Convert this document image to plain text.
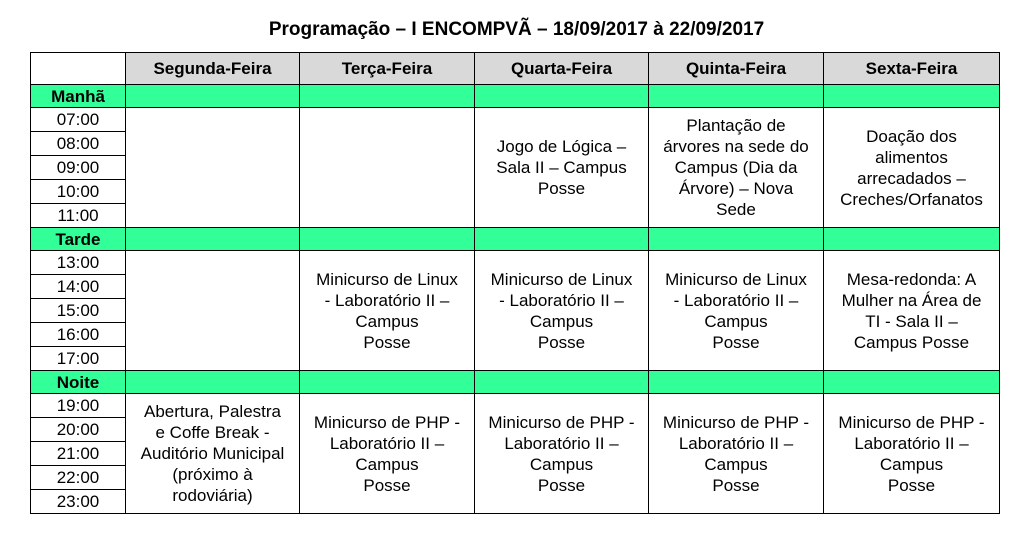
Programação – I ENCOMPVÃ – 18/09/2017 à 22/09/2017
	Segunda-Feira	Terça-Feira	Quarta-Feira	Quinta-Feira	Sexta-Feira
Manhã					
07:00			Jogo de Lógica –
Sala II – Campus
Posse	Plantação de
árvores na sede do
Campus (Dia da
Árvore) – Nova
Sede	Doação dos
alimentos
arrecadados –
Creches/Orfanatos
08:00					
09:00					
10:00					
11:00					
Tarde					
13:00		Minicurso de Linux
- Laboratório II –
Campus
Posse	Minicurso de Linux
- Laboratório II –
Campus
Posse	Minicurso de Linux
- Laboratório II –
Campus
Posse	Mesa-redonda: A
Mulher na Área de
TI - Sala II –
Campus Posse
14:00					
15:00					
16:00					
17:00					
Noite					
19:00	Abertura, Palestra
e Coffe Break -
Auditório Municipal
(próximo à
rodoviária)	Minicurso de PHP -
Laboratório II –
Campus
Posse	Minicurso de PHP -
Laboratório II –
Campus
Posse	Minicurso de PHP -
Laboratório II –
Campus
Posse	Minicurso de PHP -
Laboratório II –
Campus
Posse
20:00					
21:00					
22:00					
23:00					
